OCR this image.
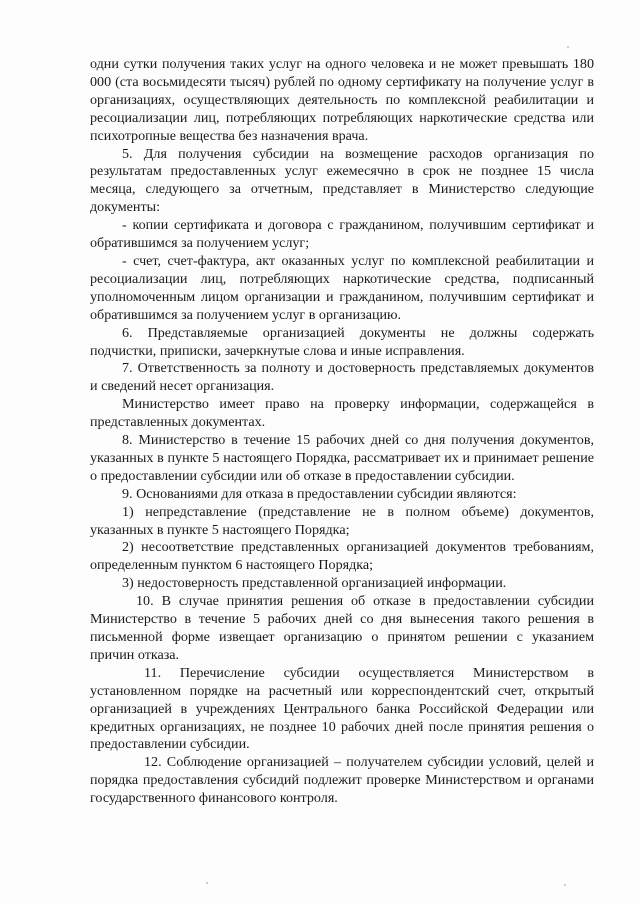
одни сутки получения таких услуг на одного человека и не может превышать 180 000 (ста восьмидесяти тысяч) рублей по одному сертификату на получение услуг в организациях, осуществляющих деятельность по комплексной реабилитации и ресоциализации лиц, потребляющих потребляющих наркотические средства или психотропные вещества без назначения врача.

5. Для получения субсидии на возмещение расходов организация по результатам предоставленных услуг ежемесячно в срок не позднее 15 числа месяца, следующего за отчетным, представляет в Министерство следующие документы:

- копии сертификата и договора с гражданином, получившим сертификат и обратившимся за получением услуг;

- счет, счет-фактура, акт оказанных услуг по комплексной реабилитации и ресоциализации лиц, потребляющих наркотические средства, подписанный уполномоченным лицом организации и гражданином, получившим сертификат и обратившимся за получением услуг в организацию.

6. Представляемые организацией документы не должны содержать подчистки, приписки, зачеркнутые слова и иные исправления.

7. Ответственность за полноту и достоверность представляемых документов и сведений несет организация.

Министерство имеет право на проверку информации, содержащейся в представленных документах.

8. Министерство в течение 15 рабочих дней со дня получения документов, указанных в пункте 5 настоящего Порядка, рассматривает их и принимает решение о предоставлении субсидии или об отказе в предоставлении субсидии.

9. Основаниями для отказа в предоставлении субсидии являются:

1) непредставление (представление не в полном объеме) документов, указанных в пункте 5 настоящего Порядка;

2) несоответствие представленных организацией документов требованиям, определенным пунктом 6 настоящего Порядка;

3) недостоверность представленной организацией информации.

10. В случае принятия решения об отказе в предоставлении субсидии Министерство в течение 5 рабочих дней со дня вынесения такого решения в письменной форме извещает организацию о принятом решении с указанием причин отказа.

11. Перечисление субсидии осуществляется Министерством в установленном порядке на расчетный или корреспондентский счет, открытый организацией в учреждениях Центрального банка Российской Федерации или кредитных организациях, не позднее 10 рабочих дней после принятия решения о предоставлении субсидии.

12. Соблюдение организацией – получателем субсидии условий, целей и порядка предоставления субсидий подлежит проверке Министерством и органами государственного финансового контроля.
